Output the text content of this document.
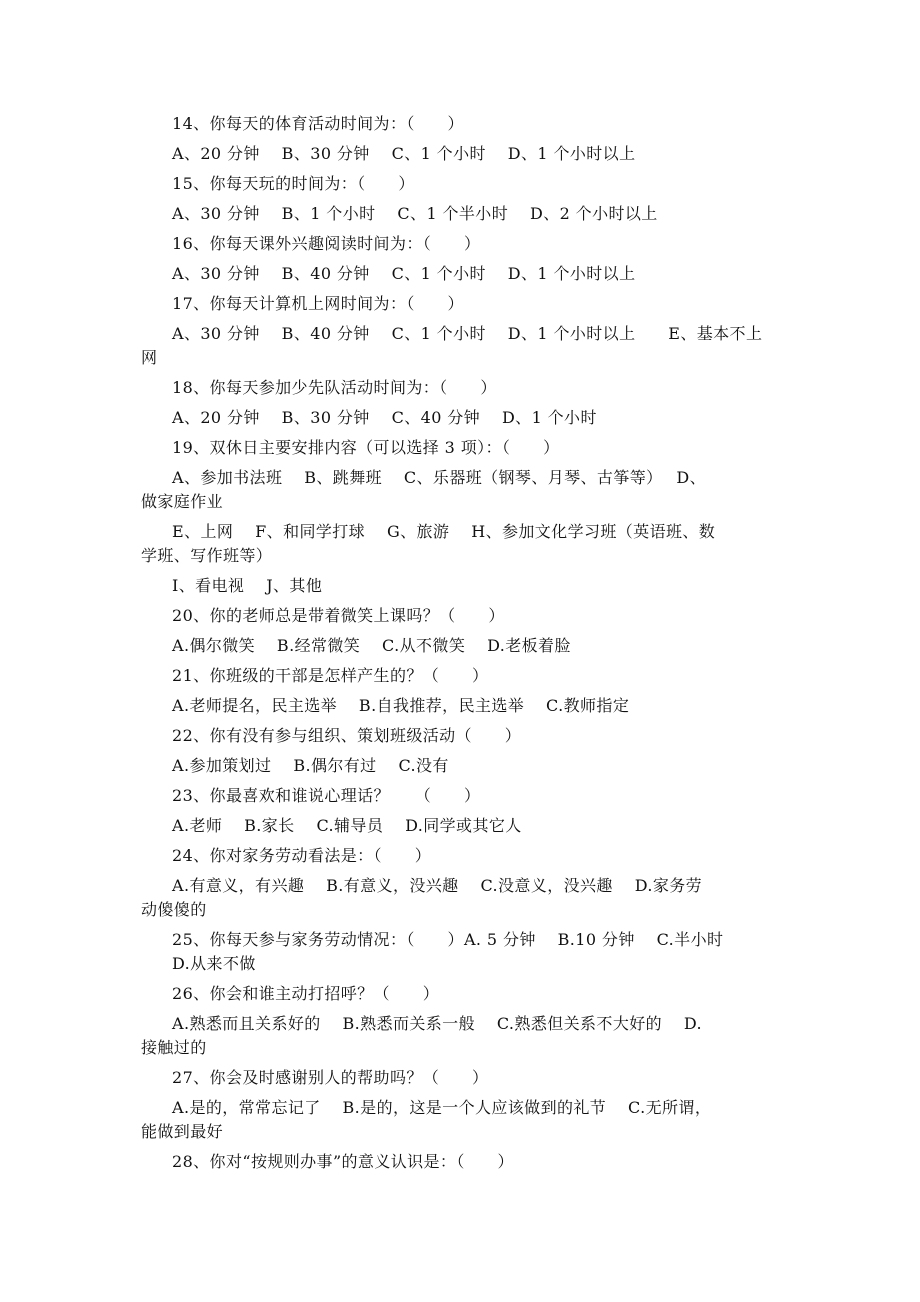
14、你每天的体育活动时间为：（　　）
A、20 分钟　 B、30 分钟　 C、1 个小时　 D、1 个小时以上
15、你每天玩的时间为：（　　）
A、30 分钟　 B、1 个小时　 C、1 个半小时　 D、2 个小时以上
16、你每天课外兴趣阅读时间为：（　　）
A、30 分钟　 B、40 分钟　 C、1 个小时　 D、1 个小时以上
17、你每天计算机上网时间为：（　　）
A、30 分钟　 B、40 分钟　 C、1 个小时　 D、1 个小时以上　　E、基本不上
网
18、你每天参加少先队活动时间为：（　　）
A、20 分钟　 B、30 分钟　 C、40 分钟　 D、1 个小时
19、双休日主要安排内容（可以选择 3 项）：（　　）
A、参加书法班　 B、跳舞班　 C、乐器班（钢琴、月琴、古筝等）　 D、
做家庭作业
E、上网　 F、和同学打球　 G、旅游　 H、参加文化学习班（英语班、数
学班、写作班等）
I、看电视　 J、其他
20、你的老师总是带着微笑上课吗？（　　）
A.偶尔微笑　 B.经常微笑　 C.从不微笑　 D.老板着脸
21、你班级的干部是怎样产生的？（　　）
A.老师提名，民主选举　 B.自我推荐，民主选举　 C.教师指定
22、你有没有参与组织、策划班级活动（　　）
A.参加策划过　 B.偶尔有过　 C.没有
23、你最喜欢和谁说心理话？　　（　　）
A.老师　 B.家长　 C.辅导员　 D.同学或其它人
24、你对家务劳动看法是：（　　）
A.有意义，有兴趣　 B.有意义，没兴趣　 C.没意义，没兴趣　 D.家务劳
动傻傻的
25、你每天参与家务劳动情况：（　　）A. 5 分钟　 B.10 分钟　 C.半小时
D.从来不做
26、你会和谁主动打招呼？（　　）
A.熟悉而且关系好的　 B.熟悉而关系一般　 C.熟悉但关系不大好的　 D.
接触过的
27、你会及时感谢别人的帮助吗？（　　）
A.是的，常常忘记了　 B.是的，这是一个人应该做到的礼节　 C.无所谓，
能做到最好
28、你对“按规则办事”的意义认识是：（　　）
